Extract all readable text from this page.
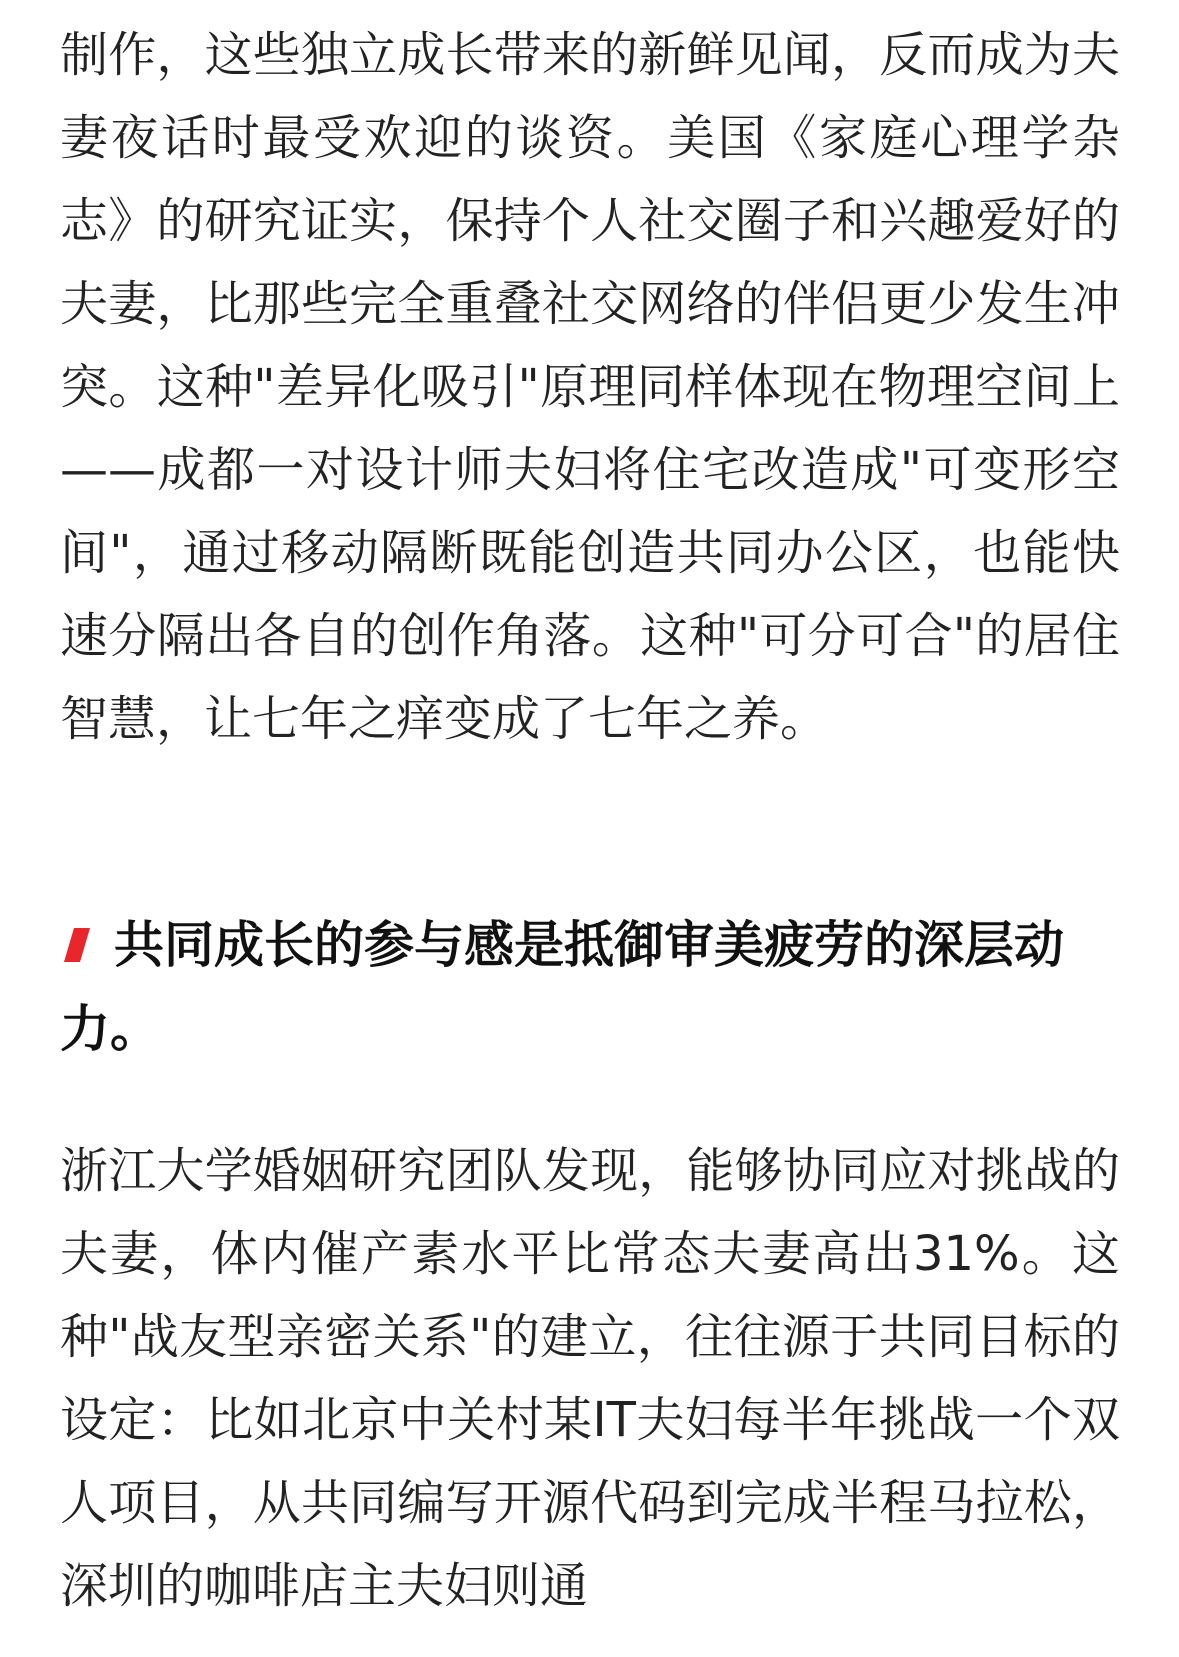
制作，这些独立成长带来的新鲜见闻，反而成为夫妻夜话时最受欢迎的谈资。美国《家庭心理学杂志》的研究证实，保持个人社交圈子和兴趣爱好的夫妻，比那些完全重叠社交网络的伴侣更少发生冲突。这种"差异化吸引"原理同样体现在物理空间上——成都一对设计师夫妇将住宅改造成"可变形空间"，通过移动隔断既能创造共同办公区，也能快速分隔出各自的创作角落。这种"可分可合"的居住智慧，让七年之痒变成了七年之养。

共同成长的参与感是抵御审美疲劳的深层动力。

浙江大学婚姻研究团队发现，能够协同应对挑战的夫妻，体内催产素水平比常态夫妻高出31%。这种"战友型亲密关系"的建立，往往源于共同目标的设定：比如北京中关村某IT夫妇每半年挑战一个双人项目，从共同编写开源代码到完成半程马拉松，深圳的咖啡店主夫妇则通
